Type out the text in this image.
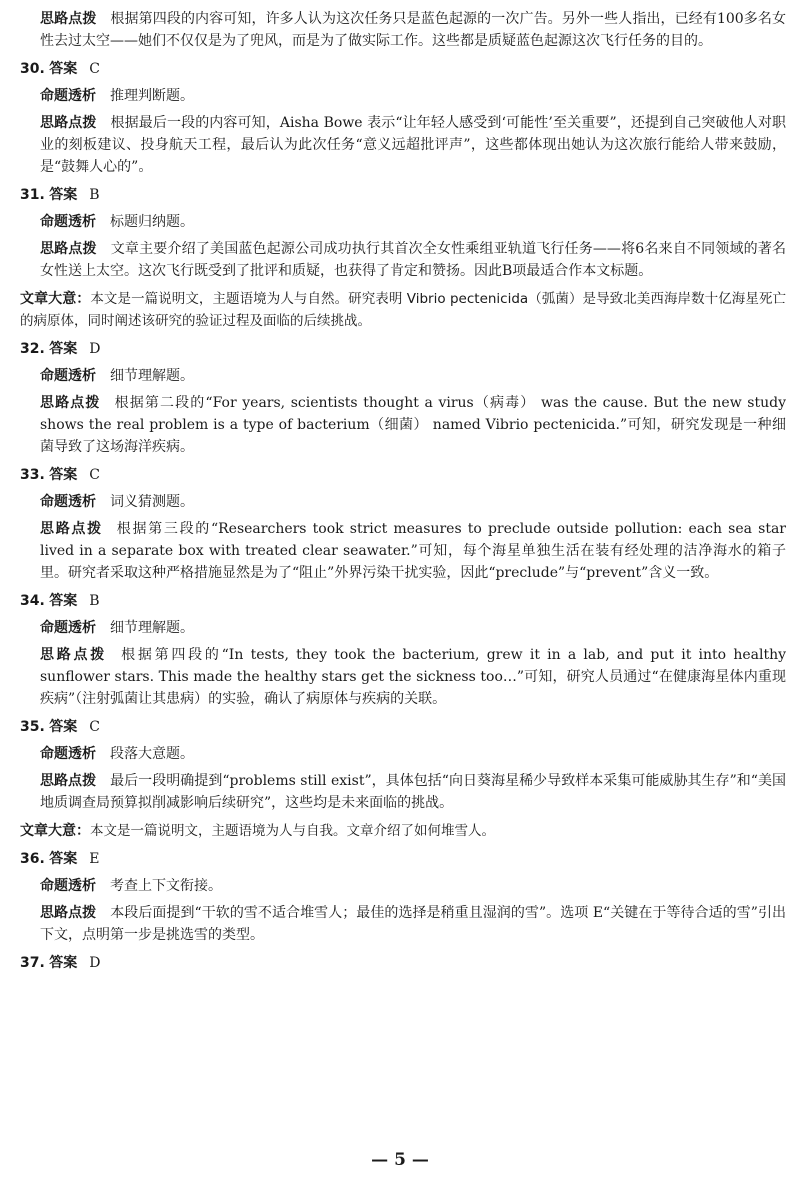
思路点拨 根据第四段的内容可知，许多人认为这次任务只是蓝色起源的一次广告。另外一些人指出，已经有100多名女性去过太空——她们不仅仅是为了兜风，而是为了做实际工作。这些都是质疑蓝色起源这次飞行任务的目的。
30. 答案 C
命题透析 推理判断题。
思路点拨 根据最后一段的内容可知，Aisha Bowe 表示“让年轻人感受到‘可能性’至关重要”，还提到自己突破他人对职业的刻板建议、投身航天工程，最后认为此次任务“意义远超批评声”，这些都体现出她认为这次旅行能给人带来鼓励，是“鼓舞人心的”。
31. 答案 B
命题透析 标题归纳题。
思路点拨 文章主要介绍了美国蓝色起源公司成功执行其首次全女性乘组亚轨道飞行任务——将6名来自不同领域的著名女性送上太空。这次飞行既受到了批评和质疑，也获得了肯定和赞扬。因此B项最适合作本文标题。
文章大意：本文是一篇说明文，主题语境为人与自然。研究表明 Vibrio pectenicida（弧菌）是导致北美西海岸数十亿海星死亡的病原体，同时阐述该研究的验证过程及面临的后续挑战。
32. 答案 D
命题透析 细节理解题。
思路点拨 根据第二段的“For years, scientists thought a virus（病毒） was the cause. But the new study shows the real problem is a type of bacterium（细菌） named Vibrio pectenicida.”可知，研究发现是一种细菌导致了这场海洋疾病。
33. 答案 C
命题透析 词义猜测题。
思路点拨 根据第三段的“Researchers took strict measures to preclude outside pollution: each sea star lived in a separate box with treated clear seawater.”可知，每个海星单独生活在装有经处理的洁净海水的箱子里。研究者采取这种严格措施显然是为了“阻止”外界污染干扰实验，因此“preclude”与“prevent”含义一致。
34. 答案 B
命题透析 细节理解题。
思路点拨 根据第四段的“In tests, they took the bacterium, grew it in a lab, and put it into healthy sunflower stars. This made the healthy stars get the sickness too…”可知，研究人员通过“在健康海星体内重现疾病”（注射弧菌让其患病）的实验，确认了病原体与疾病的关联。
35. 答案 C
命题透析 段落大意题。
思路点拨 最后一段明确提到“problems still exist”，具体包括“向日葵海星稀少导致样本采集可能威胁其生存”和“美国地质调查局预算拟削减影响后续研究”，这些均是未来面临的挑战。
文章大意：本文是一篇说明文，主题语境为人与自我。文章介绍了如何堆雪人。
36. 答案 E
命题透析 考查上下文衔接。
思路点拨 本段后面提到“干软的雪不适合堆雪人；最佳的选择是稍重且湿润的雪”。选项 E“关键在于等待合适的雪”引出下文，点明第一步是挑选雪的类型。
37. 答案 D
— 5 —
